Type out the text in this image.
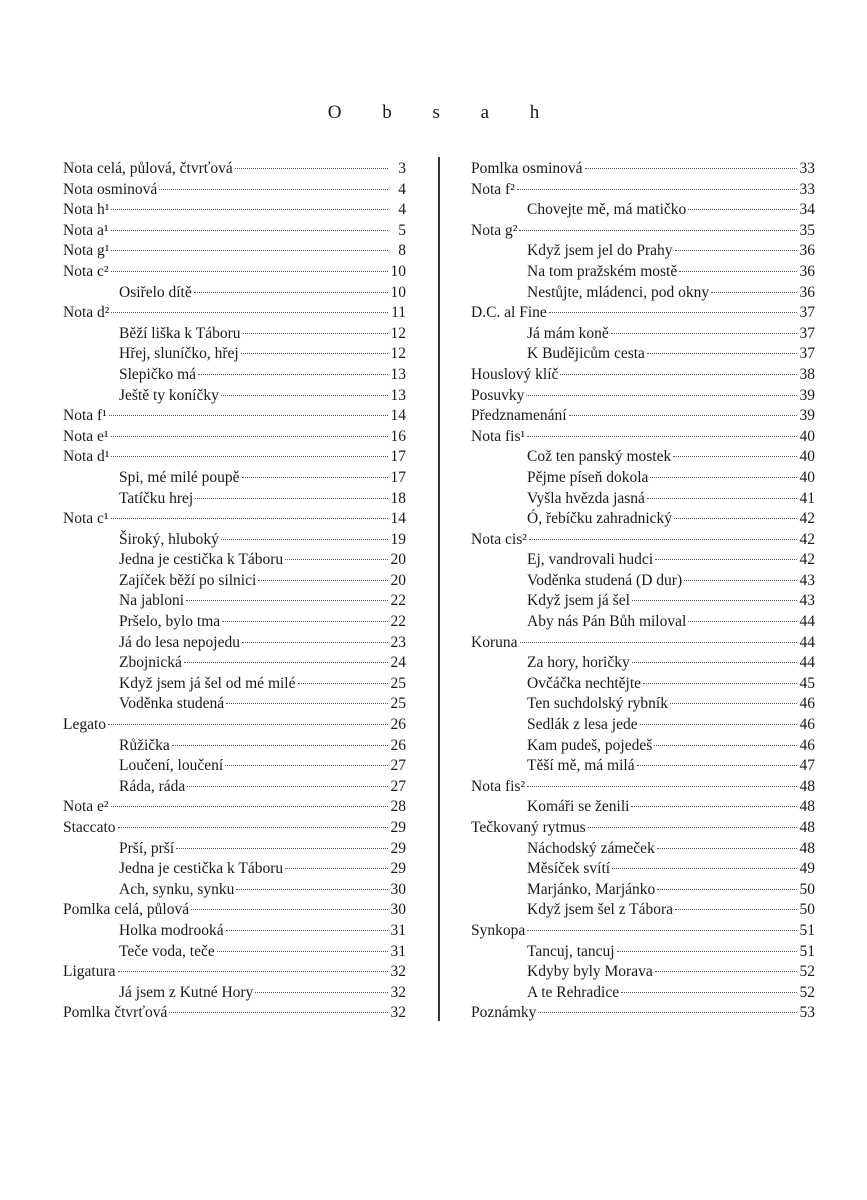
O b s a h
Nota celá, půlová, čtvrťová	3
Nota osminová	4
Nota h¹	4
Nota a¹	5
Nota g¹	8
Nota c²	10
Osiřelo dítě	10
Nota d²	11
Běží liška k Táboru	12
Hřej, sluníčko, hřej	12
Slepičko má	13
Ještě ty koníčky	13
Nota f¹	14
Nota e¹	16
Nota d¹	17
Spi, mé milé poupě	17
Tatíčku hrej	18
Nota c¹	14
Široký, hluboký	19
Jedna je cestička k Táboru	20
Zajíček běží po silnici	20
Na jabloni	22
Pršelo, bylo tma	22
Já do lesa nepojedu	23
Zbojnická	24
Když jsem já šel od mé milé	25
Voděnka studená	25
Legato	26
Růžička	26
Loučení, loučení	27
Ráda, ráda	27
Nota e²	28
Staccato	29
Prší, prší	29
Jedna je cestička k Táboru	29
Ach, synku, synku	30
Pomlka celá, půlová	30
Holka modrooká	31
Teče voda, teče	31
Ligatura	32
Já jsem z Kutné Hory	32
Pomlka čtvrťová	32
Pomlka osminová	33
Nota f²	33
Chovejte mě, má matičko	34
Nota g²	35
Když jsem jel do Prahy	36
Na tom pražském mostě	36
Nestůjte, mládenci, pod okny	36
D.C. al Fine	37
Já mám koně	37
K Budějicům cesta	37
Houslový klíč	38
Posuvky	39
Předznamenání	39
Nota fis¹	40
Což ten panský mostek	40
Pějme píseň dokola	40
Vyšla hvězda jasná	41
Ó, řebíčku zahradnický	42
Nota cis²	42
Ej, vandrovali hudci	42
Voděnka studená (D dur)	43
Když jsem já šel	43
Aby nás Pán Bůh miloval	44
Koruna	44
Za hory, horičky	44
Ovčáčka nechtějte	45
Ten suchdolský rybník	46
Sedlák z lesa jede	46
Kam pudeš, pojedeš	46
Těší mě, má milá	47
Nota fis²	48
Komáři se ženili	48
Tečkovaný rytmus	48
Náchodský zámeček	48
Měsíček svítí	49
Marjánko, Marjánko	50
Když jsem šel z Tábora	50
Synkopa	51
Tancuj, tancuj	51
Kdyby byly Morava	52
A te Rehradice	52
Poznámky	53
